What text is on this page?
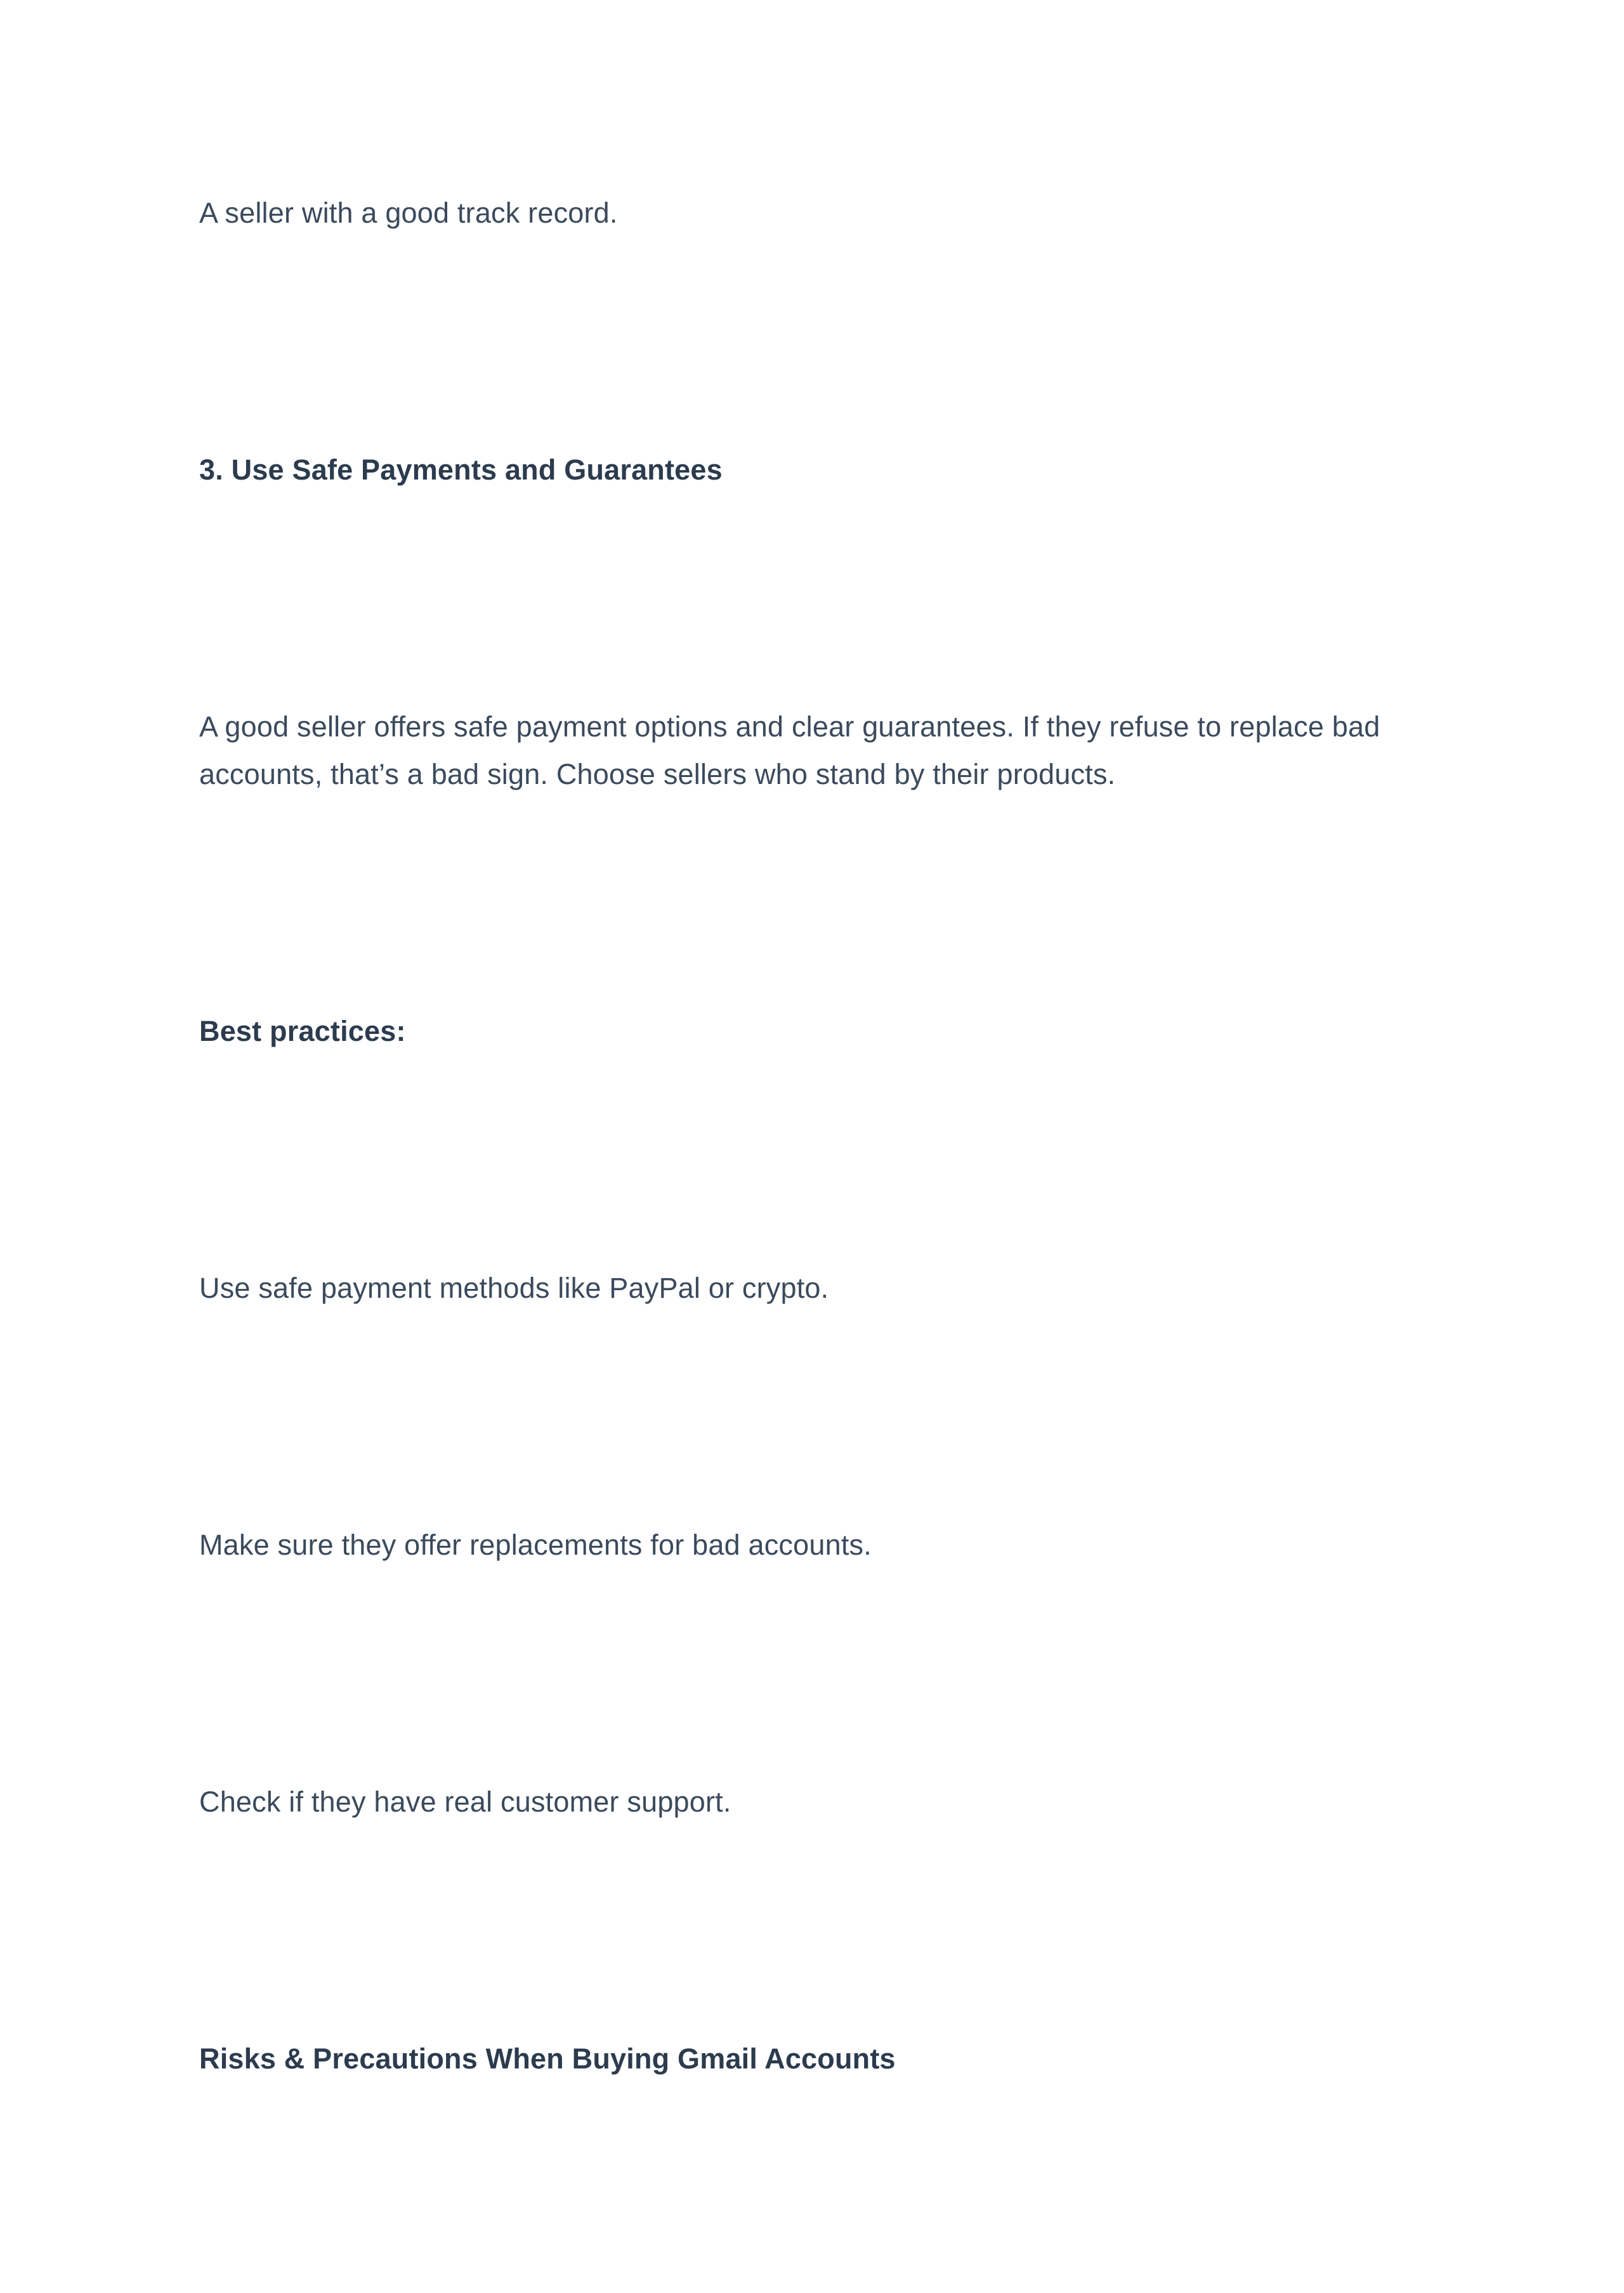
A seller with a good track record.

3. Use Safe Payments and Guarantees

A good seller offers safe payment options and clear guarantees. If they refuse to replace bad accounts, that’s a bad sign. Choose sellers who stand by their products.

Best practices:

Use safe payment methods like PayPal or crypto.

Make sure they offer replacements for bad accounts.

Check if they have real customer support.

Risks & Precautions When Buying Gmail Accounts
